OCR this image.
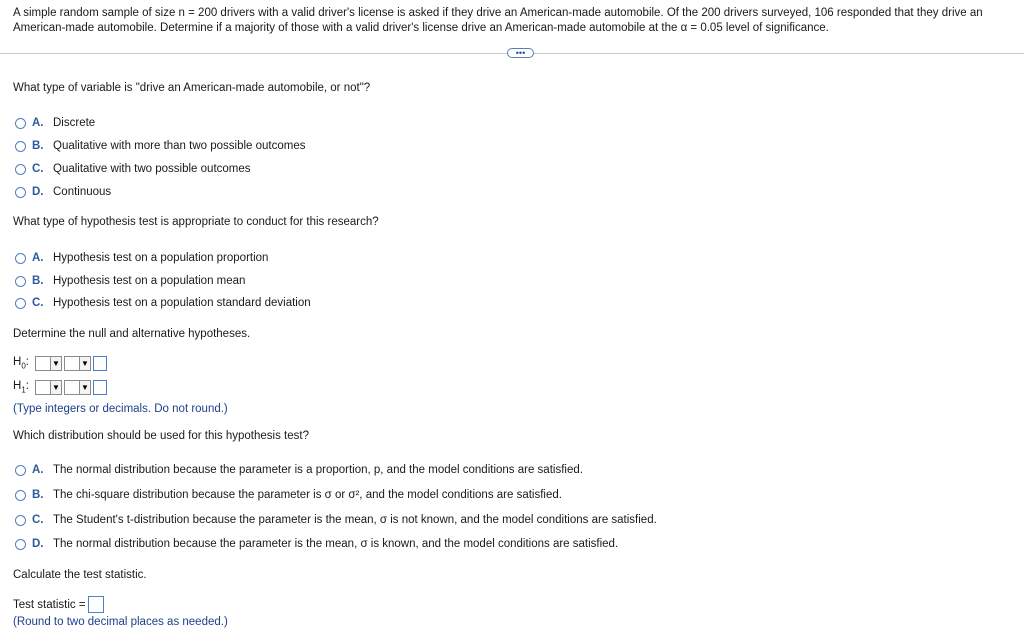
A simple random sample of size n = 200 drivers with a valid driver's license is asked if they drive an American-made automobile. Of the 200 drivers surveyed, 106 responded that they drive an American-made automobile. Determine if a majority of those with a valid driver's license drive an American-made automobile at the α = 0.05 level of significance.
•••
What type of variable is "drive an American-made automobile, or not"?
A. Discrete
B. Qualitative with more than two possible outcomes
C. Qualitative with two possible outcomes
D. Continuous
What type of hypothesis test is appropriate to conduct for this research?
A. Hypothesis test on a population proportion
B. Hypothesis test on a population mean
C. Hypothesis test on a population standard deviation
Determine the null and alternative hypotheses.
$H_0$:	▼	▼
$H_1$:	▼	▼
(Type integers or decimals. Do not round.)
Which distribution should be used for this hypothesis test?
A. The normal distribution because the parameter is a proportion, p, and the model conditions are satisfied.
B. The chi-square distribution because the parameter is σ or σ², and the model conditions are satisfied.
C. The Student's t-distribution because the parameter is the mean, σ is not known, and the model conditions are satisfied.
D. The normal distribution because the parameter is the mean, σ is known, and the model conditions are satisfied.
Calculate the test statistic.
Test statistic =
(Round to two decimal places as needed.)
